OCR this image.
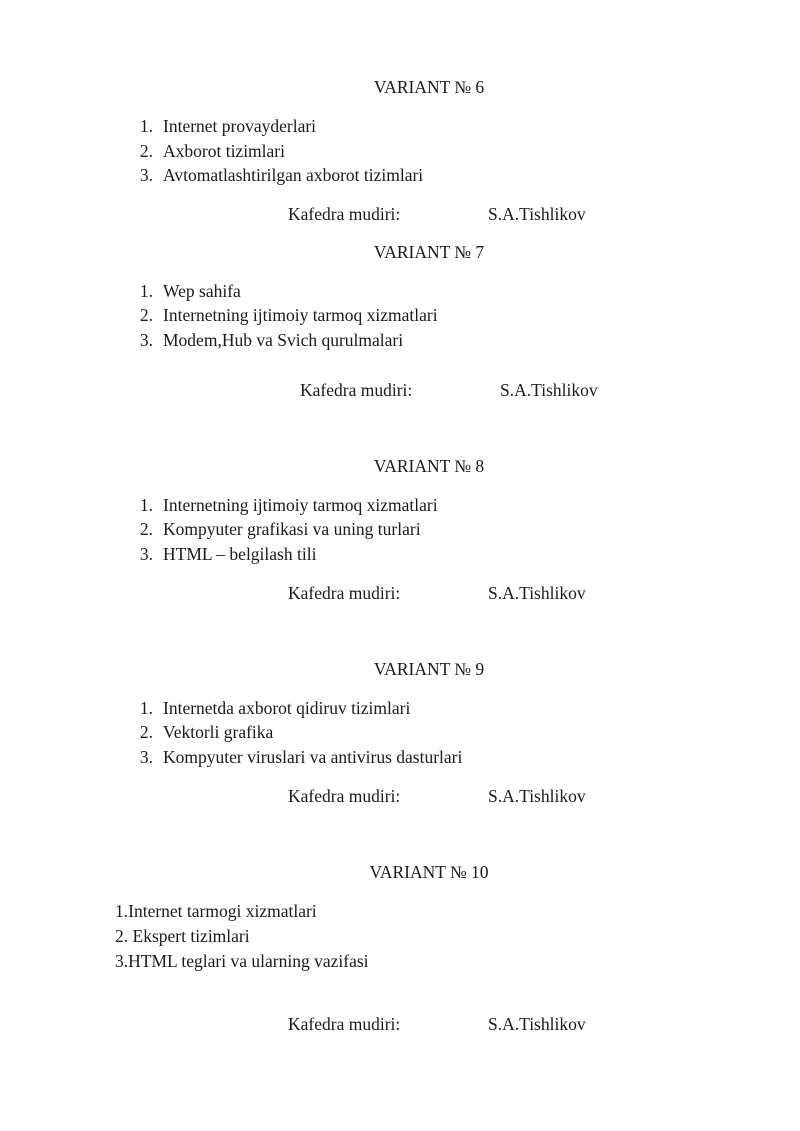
VARIANT № 6
1. Internet provayderlari
2. Axborot tizimlari
3. Avtomatlashtirilgan axborot tizimlari
Kafedra mudiri:	S.A.Tishlikov
VARIANT № 7
1. Wep sahifa
2. Internetning ijtimoiy tarmoq xizmatlari
3. Modem,Hub va Svich qurulmalari
Kafedra mudiri:	S.A.Tishlikov
VARIANT № 8
1. Internetning ijtimoiy tarmoq xizmatlari
2. Kompyuter grafikasi va uning turlari
3. HTML – belgilash tili
Kafedra mudiri:	S.A.Tishlikov
VARIANT № 9
1. Internetda axborot qidiruv tizimlari
2. Vektorli grafika
3. Kompyuter viruslari va antivirus dasturlari
Kafedra mudiri:	S.A.Tishlikov
VARIANT № 10
1.Internet tarmogi xizmatlari
2. Ekspert tizimlari
3.HTML teglari va ularning vazifasi
Kafedra mudiri:	S.A.Tishlikov
